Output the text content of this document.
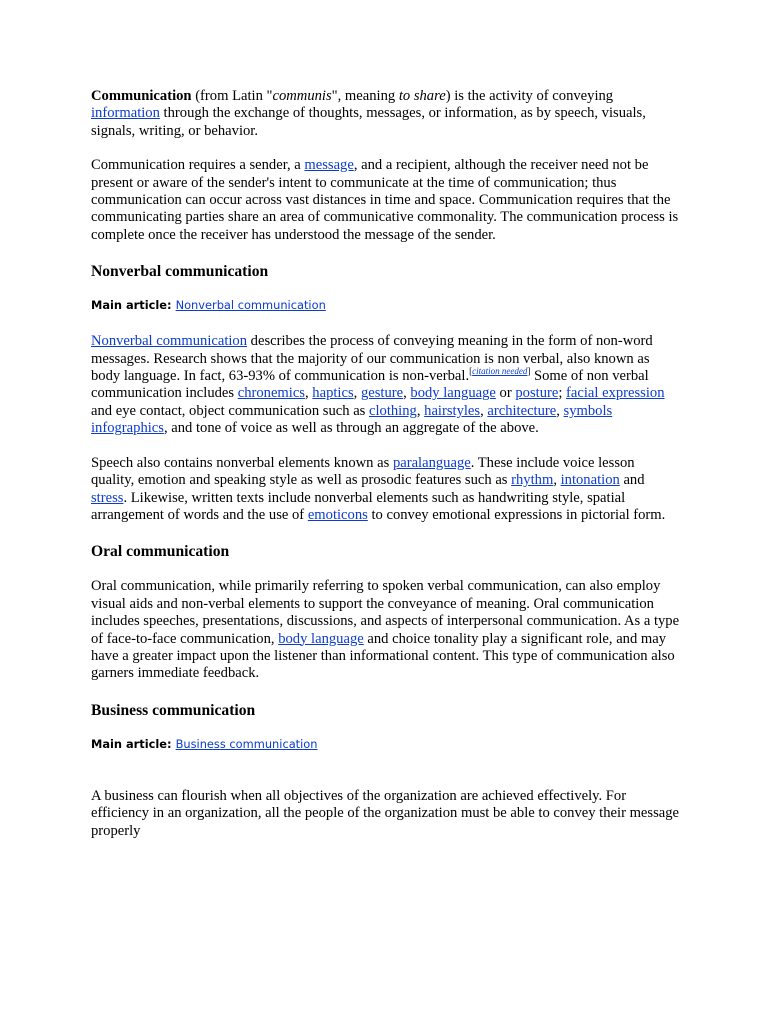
Communication (from Latin "communis", meaning to share) is the activity of conveying information through the exchange of thoughts, messages, or information, as by speech, visuals, signals, writing, or behavior.

Communication requires a sender, a message, and a recipient, although the receiver need not be present or aware of the sender's intent to communicate at the time of communication; thus communication can occur across vast distances in time and space. Communication requires that the communicating parties share an area of communicative commonality. The communication process is complete once the receiver has understood the message of the sender.

Nonverbal communication

Main article: Nonverbal communication

Nonverbal communication describes the process of conveying meaning in the form of non-word messages. Research shows that the majority of our communication is non verbal, also known as body language. In fact, 63-93% of communication is non-verbal.[citation needed] Some of non verbal communication includes chronemics, haptics, gesture, body language or posture; facial expression and eye contact, object communication such as clothing, hairstyles, architecture, symbols infographics, and tone of voice as well as through an aggregate of the above.

Speech also contains nonverbal elements known as paralanguage. These include voice lesson quality, emotion and speaking style as well as prosodic features such as rhythm, intonation and stress. Likewise, written texts include nonverbal elements such as handwriting style, spatial arrangement of words and the use of emoticons to convey emotional expressions in pictorial form.

Oral communication

Oral communication, while primarily referring to spoken verbal communication, can also employ visual aids and non-verbal elements to support the conveyance of meaning. Oral communication includes speeches, presentations, discussions, and aspects of interpersonal communication. As a type of face-to-face communication, body language and choice tonality play a significant role, and may have a greater impact upon the listener than informational content. This type of communication also garners immediate feedback.

Business communication

Main article: Business communication

A business can flourish when all objectives of the organization are achieved effectively. For efficiency in an organization, all the people of the organization must be able to convey their message properly
